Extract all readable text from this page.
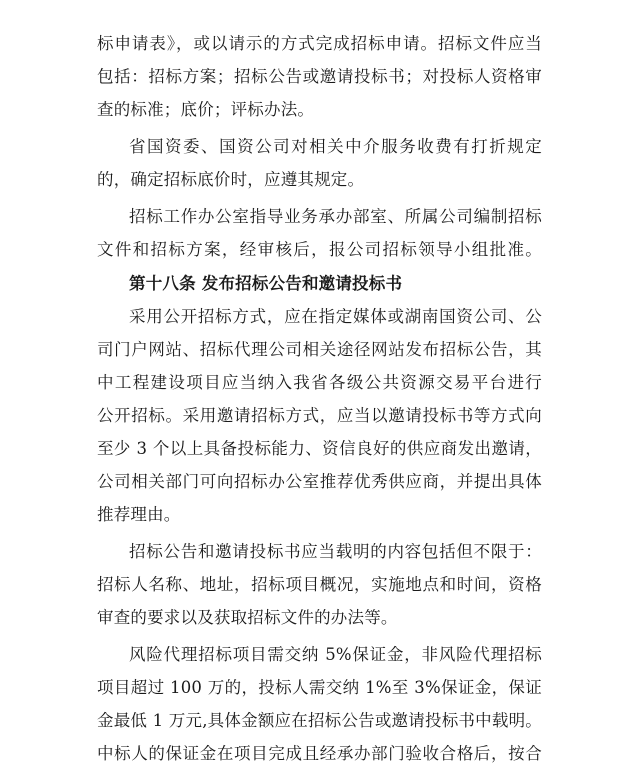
标申请表》，或以请示的方式完成招标申请。招标文件应当
包括：招标方案；招标公告或邀请投标书；对投标人资格审
查的标准；底价；评标办法。
省国资委、国资公司对相关中介服务收费有打折规定
的，确定招标底价时，应遵其规定。
招标工作办公室指导业务承办部室、所属公司编制招标
文件和招标方案，经审核后，报公司招标领导小组批准。
第十八条 发布招标公告和邀请投标书
采用公开招标方式，应在指定媒体或湖南国资公司、公
司门户网站、招标代理公司相关途径网站发布招标公告，其
中工程建设项目应当纳入我省各级公共资源交易平台进行
公开招标。采用邀请招标方式，应当以邀请投标书等方式向
至少 3 个以上具备投标能力、资信良好的供应商发出邀请，
公司相关部门可向招标办公室推荐优秀供应商，并提出具体
推荐理由。
招标公告和邀请投标书应当载明的内容包括但不限于：
招标人名称、地址，招标项目概况，实施地点和时间，资格
审查的要求以及获取招标文件的办法等。
风险代理招标项目需交纳 5%保证金，非风险代理招标
项目超过 100 万的，投标人需交纳 1%至 3%保证金，保证
金最低 1 万元,具体金额应在招标公告或邀请投标书中载明。
中标人的保证金在项目完成且经承办部门验收合格后，按合
